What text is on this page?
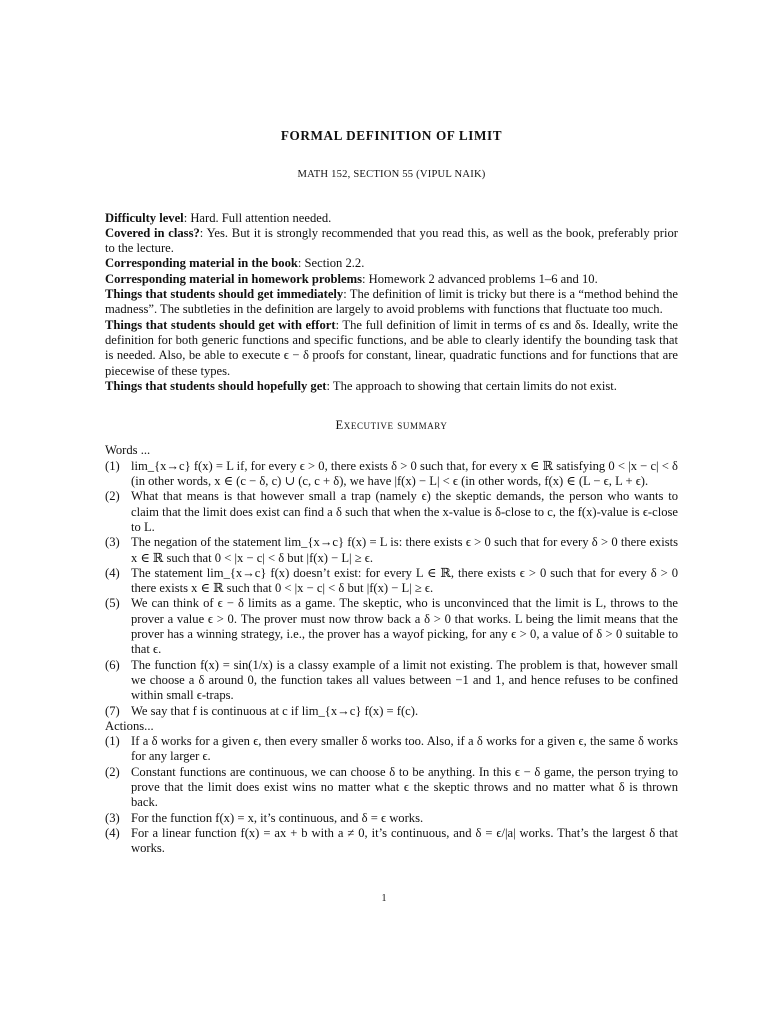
FORMAL DEFINITION OF LIMIT

MATH 152, SECTION 55 (VIPUL NAIK)

Difficulty level: Hard. Full attention needed.

Covered in class?: Yes. But it is strongly recommended that you read this, as well as the book, preferably prior to the lecture.

Corresponding material in the book: Section 2.2.

Corresponding material in homework problems: Homework 2 advanced problems 1–6 and 10.

Things that students should get immediately: The definition of limit is tricky but there is a “method behind the madness”. The subtleties in the definition are largely to avoid problems with functions that fluctuate too much.

Things that students should get with effort: The full definition of limit in terms of ϵs and δs. Ideally, write the definition for both generic functions and specific functions, and be able to clearly identify the bounding task that is needed. Also, be able to execute ϵ − δ proofs for constant, linear, quadratic functions and for functions that are piecewise of these types.

Things that students should hopefully get: The approach to showing that certain limits do not exist.

Executive summary

Words ...

(1) lim_{x→c} f(x) = L if, for every ϵ > 0, there exists δ > 0 such that, for every x ∈ ℝ satisfying 0 < |x − c| < δ (in other words, x ∈ (c − δ, c) ∪ (c, c + δ), we have |f(x) − L| < ϵ (in other words, f(x) ∈ (L − ϵ, L + ϵ).
(2) What that means is that however small a trap (namely ϵ) the skeptic demands, the person who wants to claim that the limit does exist can find a δ such that when the x-value is δ-close to c, the f(x)-value is ϵ-close to L.
(3) The negation of the statement lim_{x→c} f(x) = L is: there exists ϵ > 0 such that for every δ > 0 there exists x ∈ ℝ such that 0 < |x − c| < δ but |f(x) − L| ≥ ϵ.
(4) The statement lim_{x→c} f(x) doesn’t exist: for every L ∈ ℝ, there exists ϵ > 0 such that for every δ > 0 there exists x ∈ ℝ such that 0 < |x − c| < δ but |f(x) − L| ≥ ϵ.
(5) We can think of ϵ − δ limits as a game. The skeptic, who is unconvinced that the limit is L, throws to the prover a value ϵ > 0. The prover must now throw back a δ > 0 that works. L being the limit means that the prover has a winning strategy, i.e., the prover has a wayof picking, for any ϵ > 0, a value of δ > 0 suitable to that ϵ.
(6) The function f(x) = sin(1/x) is a classy example of a limit not existing. The problem is that, however small we choose a δ around 0, the function takes all values between −1 and 1, and hence refuses to be confined within small ϵ-traps.
(7) We say that f is continuous at c if lim_{x→c} f(x) = f(c).

Actions...

(1) If a δ works for a given ϵ, then every smaller δ works too. Also, if a δ works for a given ϵ, the same δ works for any larger ϵ.
(2) Constant functions are continuous, we can choose δ to be anything. In this ϵ − δ game, the person trying to prove that the limit does exist wins no matter what ϵ the skeptic throws and no matter what δ is thrown back.
(3) For the function f(x) = x, it’s continuous, and δ = ϵ works.
(4) For a linear function f(x) = ax + b with a ≠ 0, it’s continuous, and δ = ϵ/|a| works. That’s the largest δ that works.
1
